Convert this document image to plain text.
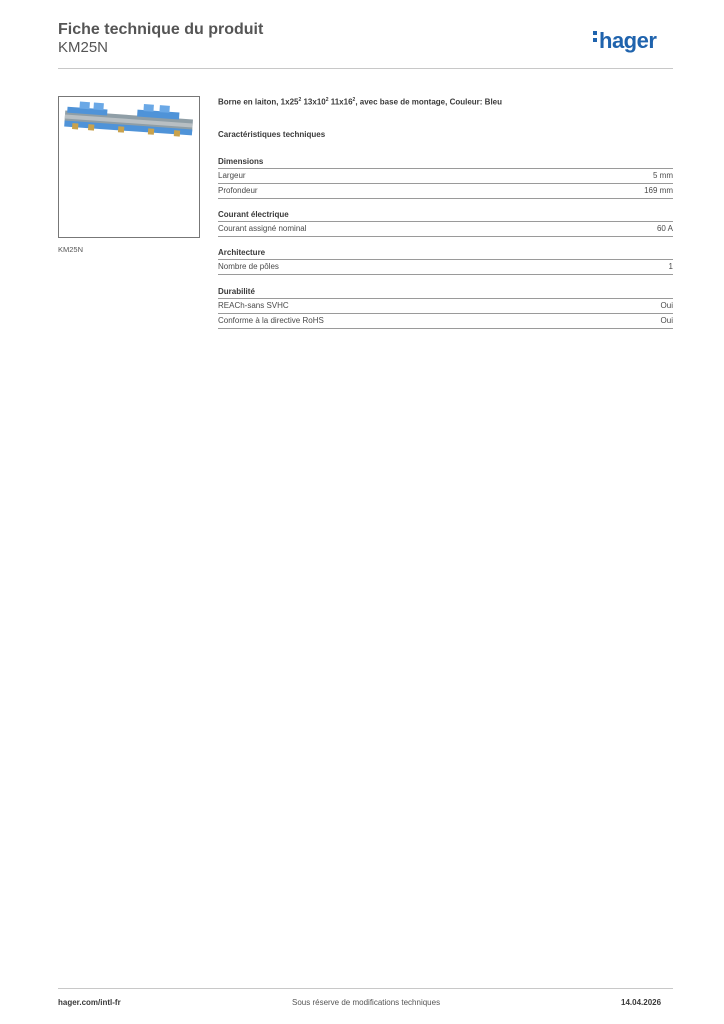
Fiche technique du produit
KM25N	hager
KM25N
Borne en laiton, $1x25^2$ $13x10^2$ $11x16^2$, avec base de montage, Couleur: Bleu
Caractéristiques techniques
Dimensions
Largeur	5 mm
Profondeur	169 mm
Courant électrique
Courant assigné nominal	60 A
Architecture
Nombre de pôles	1
Durabilité
REACh-sans SVHC	Oui
Conforme à la directive RoHS	Oui
hager.com/intl-fr	Sous réserve de modifications techniques	14.04.2026
